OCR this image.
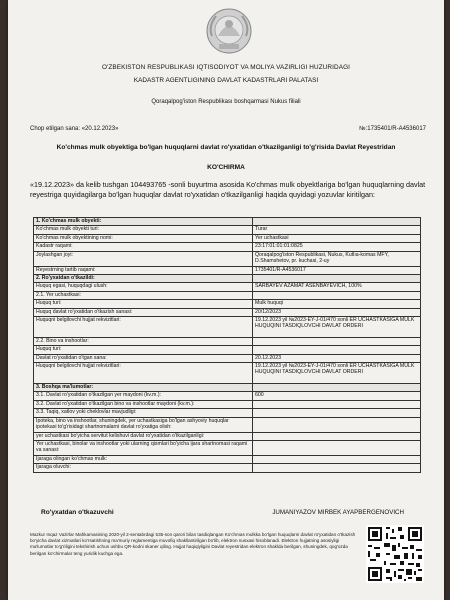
O'ZBEKISTON RESPUBLIKASI IQTISODIYOT VA MOLIYA VAZIRLIGI HUZURIDAGI
KADASTR AGENTLIGINING DAVLAT KADASTRLARI PALATASI
Qoraqalpog'iston Respublikası boshqarmasi Nukus filiali
Chop etilgan sana: «20.12.2023»	№:1735401/R-A4536017
Ko'chmas mulk obyektiga bo'lgan huquqlarni davlat ro'yxatidan o'tkazilganligi to'g'risida Davlat Reyestridan
KO'CHIRMA
«19.12.2023» da kelib tushgan 104493765 -sonli buyurtma asosida Ko'chmas mulk obyektlariga bo'lgan huquqlarning davlat reyestriga quyidagilarga bo'lgan huquqlar davlat ro'yxatidan o'tkazilganligi haqida quyidagi yozuvlar kiritilgan:
1. Ko'chmas mulk obyekti:	
Ko'chmas mulk obyekti turi:	Turar
Ko'chmas mulk obyektining nomi:	Yer uchastkasi
Kadastr raqami:	23:17:01:01:01:0825
Joylashgan joyi:	Qoraqalpog'iston Respublikasi, Nukus, Kutlıa-komas MFY, D.Shamshetov, pr. kuchasi, 2-uy
Reyestrning tartib raqami:	1735401/R-A4536017
2. Ro'yxatdan o'tkazildi:	
Huquq egasi, huquqdagi ulush:	SARBAYEV AZAMAT ASENBAYEVICH, 100%
2.1. Yer uchastkasi:	
Huquq turi:	Mulk huquqi
Huquq davlat ro'yxatidan o'tkazish sanasi:	20/12/2023
Huquqni belgilovchi hujjat rekvizitlari:	19.12.2023 yil №2023-EY-J-01/470 sonli ER UCHASTKASIGA MULK HUQUQINI TASDIQLOVCHI DAVLAT ORDERI
2.2. Bino va inshootlar:	
Huquq turi:	
Davlat ro'yxatidan o'tgan sana:	20.12.2023
Huquqni belgilovchi hujjat rekvizitlari:	19.12.2023 yil №2023-EY-J-01/470 sonli ER UCHASTKASIGA MULK HUQUQINI TASDIQLOVCHI DAVLAT ORDERI
3. Boshqa ma'lumotlar:	
3.1. Davlat ro'yxatidan o'tkazilgan yer maydoni (kv.m.):	600
3.2. Davlat ro'yxatidan o'tkazilgan bino va inshootlar maydoni (kv.m.):	
3.3. Taqiq, xatlov yoki cheklovlar mavjudligi:	
Ipoteka, bino va inshootlar, shuningdek, yer uchastkasiga bo'lgan ashyoviy huquqlar ipotekasi to'g'risidagi shartnomalarni davlat ro'yxatiga olish:	
yer uchastkasi bo'yicha servitut kelishuvi davlat ro'yxatidan o'tkazilganligi:	
Yer uchastkasi, binolar va inshootlar yoki ularning qismlari bo'yicha ijara shartnomasi raqami va sanasi:	
Ijaraga olingan ko'chmas mulk:	
Ijaraga oluvchi:	
Ro'yxatdan o'tkazuvchi	JUMANIYAZOV MIRBEK AYAPBERGENOVICH
Mazkur Inqaz Vazirlar Mahkamasining 2020-yil 2-sentabrdagi 535-son qarori bilan tasdiqlangan Ko'chmas mulkka bo'lgan huquqlarni davlat ro'yxatidan o'tkazish bo'yicha davlat xizmatlari ko'rsatishning ma'muriy reglamentiga muvofiq shakllantirilgan bo'lib, elektron nusxasi hisoblanadi. Elektron hujjatning asosiyligi ma'lumotlar to'g'riligini tekshirish uchun ushbu QR-kodni skaner qiling. Hujjat haqiqiyligini Davlat reyestridan elektron shaklda berilgan, shuningdek, qog'ozda berilgan ko'chirmalar teng yuridik kuchga ega.
